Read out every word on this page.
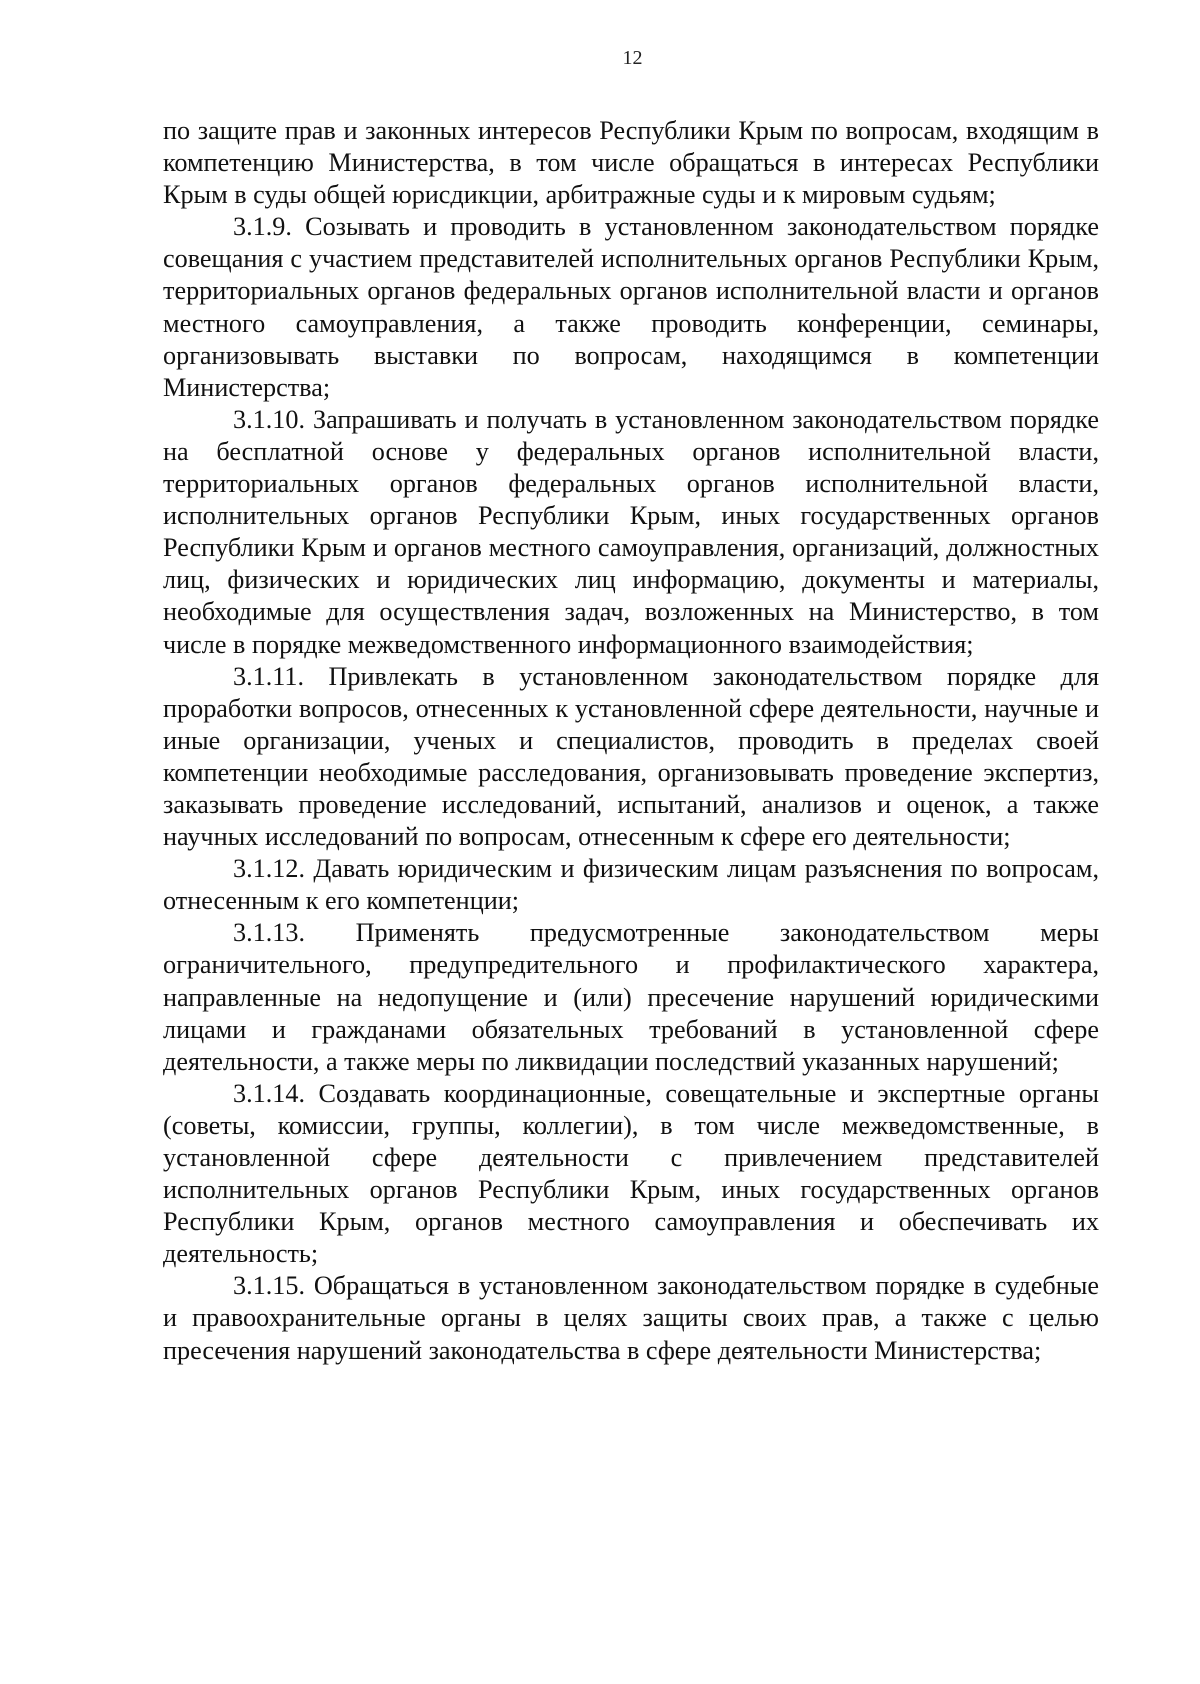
12

по защите прав и законных интересов Республики Крым по вопросам, входящим в компетенцию Министерства, в том числе обращаться в интересах Республики Крым в суды общей юрисдикции, арбитражные суды и к мировым судьям;

3.1.9. Созывать и проводить в установленном законодательством порядке совещания с участием представителей исполнительных органов Республики Крым, территориальных органов федеральных органов исполнительной власти и органов местного самоуправления, а также проводить конференции, семинары, организовывать выставки по вопросам, находящимся в компетенции Министерства;

3.1.10. Запрашивать и получать в установленном законодательством порядке на бесплатной основе у федеральных органов исполнительной власти, территориальных органов федеральных органов исполнительной власти, исполнительных органов Республики Крым, иных государственных органов Республики Крым и органов местного самоуправления, организаций, должностных лиц, физических и юридических лиц информацию, документы и материалы, необходимые для осуществления задач, возложенных на Министерство, в том числе в порядке межведомственного информационного взаимодействия;

3.1.11. Привлекать в установленном законодательством порядке для проработки вопросов, отнесенных к установленной сфере деятельности, научные и иные организации, ученых и специалистов, проводить в пределах своей компетенции необходимые расследования, организовывать проведение экспертиз, заказывать проведение исследований, испытаний, анализов и оценок, а также научных исследований по вопросам, отнесенным к сфере его деятельности;

3.1.12. Давать юридическим и физическим лицам разъяснения по вопросам, отнесенным к его компетенции;

3.1.13. Применять предусмотренные законодательством меры ограничительного, предупредительного и профилактического характера, направленные на недопущение и (или) пресечение нарушений юридическими лицами и гражданами обязательных требований в установленной сфере деятельности, а также меры по ликвидации последствий указанных нарушений;

3.1.14. Создавать координационные, совещательные и экспертные органы (советы, комиссии, группы, коллегии), в том числе межведомственные, в установленной сфере деятельности с привлечением представителей исполнительных органов Республики Крым, иных государственных органов Республики Крым, органов местного самоуправления и обеспечивать их деятельность;

3.1.15. Обращаться в установленном законодательством порядке в судебные и правоохранительные органы в целях защиты своих прав, а также с целью пресечения нарушений законодательства в сфере деятельности Министерства;
